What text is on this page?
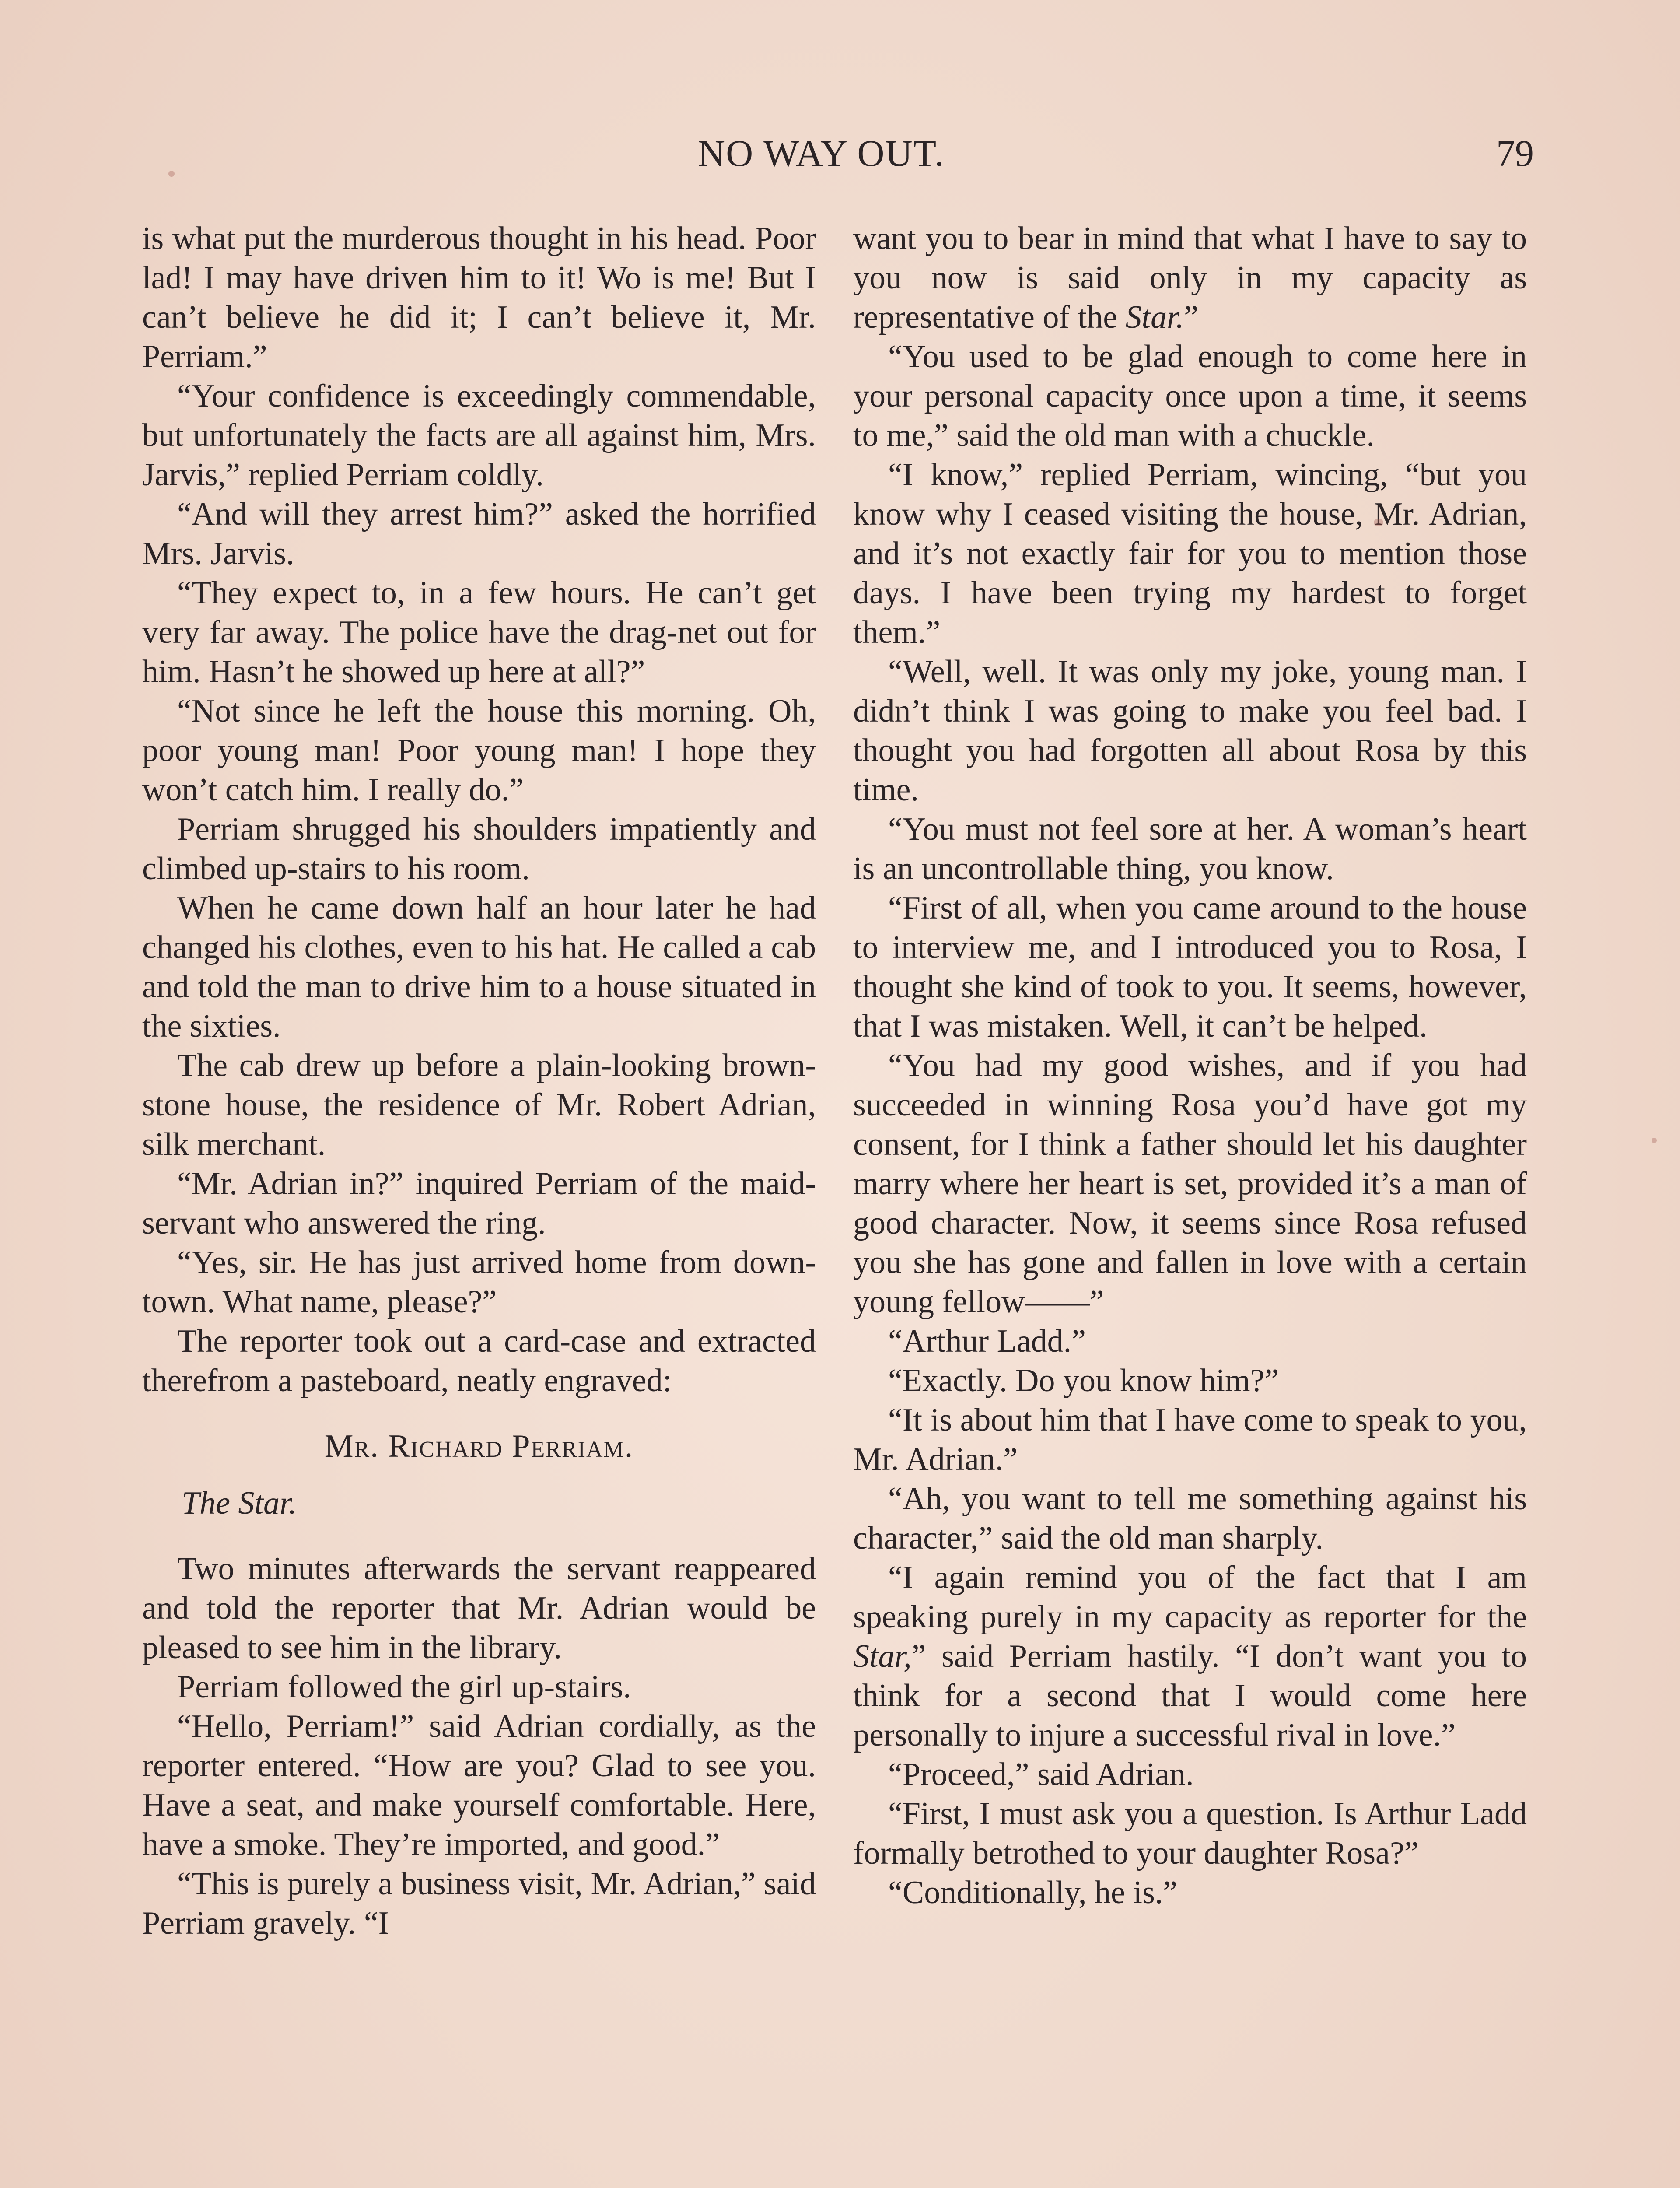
NO WAY OUT.	79

is what put the murderous thought in his head. Poor lad! I may have driven him to it! Wo is me! But I can’t believe he did it; I can’t believe it, Mr. Perriam.”

“Your confidence is exceedingly commendable, but unfortunately the facts are all against him, Mrs. Jarvis,” replied Perriam coldly.

“And will they arrest him?” asked the horrified Mrs. Jarvis.

“They expect to, in a few hours. He can’t get very far away. The police have the drag-net out for him. Hasn’t he showed up here at all?”

“Not since he left the house this morning. Oh, poor young man! Poor young man! I hope they won’t catch him. I really do.”

Perriam shrugged his shoulders impatiently and climbed up-stairs to his room.

When he came down half an hour later he had changed his clothes, even to his hat. He called a cab and told the man to drive him to a house situated in the sixties.

The cab drew up before a plain-looking brown-stone house, the residence of Mr. Robert Adrian, silk merchant.

“Mr. Adrian in?” inquired Perriam of the maid-servant who answered the ring.

“Yes, sir. He has just arrived home from down-town. What name, please?”

The reporter took out a card-case and extracted therefrom a pasteboard, neatly engraved:

Mr. Richard Perriam.
The Star.

Two minutes afterwards the servant reappeared and told the reporter that Mr. Adrian would be pleased to see him in the library.

Perriam followed the girl up-stairs.

“Hello, Perriam!” said Adrian cordially, as the reporter entered. “How are you? Glad to see you. Have a seat, and make yourself comfortable. Here, have a smoke. They’re imported, and good.”

“This is purely a business visit, Mr. Adrian,” said Perriam gravely. “I

want you to bear in mind that what I have to say to you now is said only in my capacity as representative of the Star.”

“You used to be glad enough to come here in your personal capacity once upon a time, it seems to me,” said the old man with a chuckle.

“I know,” replied Perriam, wincing, “but you know why I ceased visiting the house, Mr. Adrian, and it’s not exactly fair for you to mention those days. I have been trying my hardest to forget them.”

“Well, well. It was only my joke, young man. I didn’t think I was going to make you feel bad. I thought you had forgotten all about Rosa by this time.

“You must not feel sore at her. A woman’s heart is an uncontrollable thing, you know.

“First of all, when you came around to the house to interview me, and I introduced you to Rosa, I thought she kind of took to you. It seems, however, that I was mistaken. Well, it can’t be helped.

“You had my good wishes, and if you had succeeded in winning Rosa you’d have got my consent, for I think a father should let his daughter marry where her heart is set, provided it’s a man of good character. Now, it seems since Rosa refused you she has gone and fallen in love with a certain young fellow——”

“Arthur Ladd.”

“Exactly. Do you know him?”

“It is about him that I have come to speak to you, Mr. Adrian.”

“Ah, you want to tell me something against his character,” said the old man sharply.

“I again remind you of the fact that I am speaking purely in my capacity as reporter for the Star,” said Perriam hastily. “I don’t want you to think for a second that I would come here personally to injure a successful rival in love.”

“Proceed,” said Adrian.

“First, I must ask you a question. Is Arthur Ladd formally betrothed to your daughter Rosa?”

“Conditionally, he is.”
